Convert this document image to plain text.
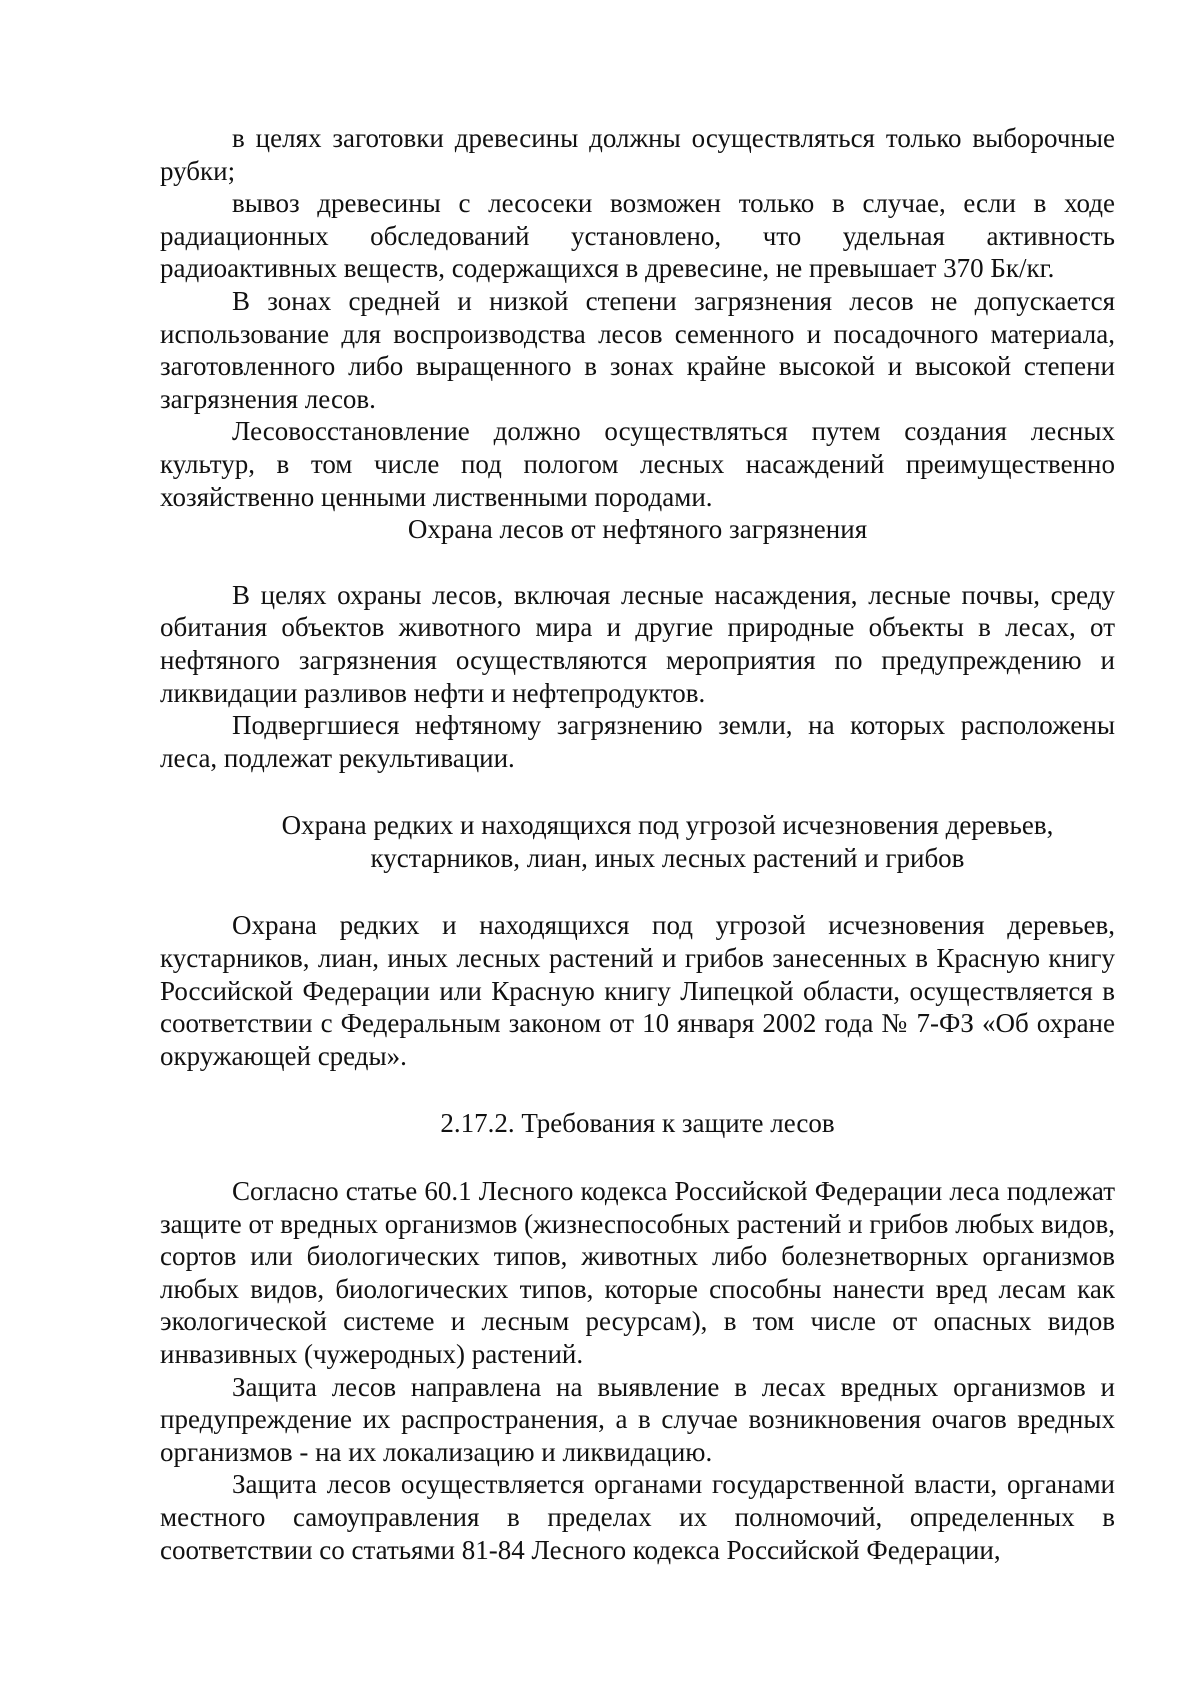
в целях заготовки древесины должны осуществляться только выборочные рубки;

вывоз древесины с лесосеки возможен только в случае, если в ходе радиационных обследований установлено, что удельная активность радиоактивных веществ, содержащихся в древесине, не превышает 370 Бк/кг.

В зонах средней и низкой степени загрязнения лесов не допускается использование для воспроизводства лесов семенного и посадочного материала, заготовленного либо выращенного в зонах крайне высокой и высокой степени загрязнения лесов.

Лесовосстановление должно осуществляться путем создания лесных культур, в том числе под пологом лесных насаждений преимущественно хозяйственно ценными лиственными породами.

Охрана лесов от нефтяного загрязнения

В целях охраны лесов, включая лесные насаждения, лесные почвы, среду обитания объектов животного мира и другие природные объекты в лесах, от нефтяного загрязнения осуществляются мероприятия по предупреждению и ликвидации разливов нефти и нефтепродуктов.

Подвергшиеся нефтяному загрязнению земли, на которых расположены леса, подлежат рекультивации.

Охрана редких и находящихся под угрозой исчезновения деревьев,

кустарников, лиан, иных лесных растений и грибов

Охрана редких и находящихся под угрозой исчезновения деревьев, кустарников, лиан, иных лесных растений и грибов занесенных в Красную книгу Российской Федерации или Красную книгу Липецкой области, осуществляется в соответствии с Федеральным законом от 10 января 2002 года № 7-ФЗ «Об охране окружающей среды».

2.17.2. Требования к защите лесов

Согласно статье 60.1 Лесного кодекса Российской Федерации леса подлежат защите от вредных организмов (жизнеспособных растений и грибов любых видов, сортов или биологических типов, животных либо болезнетворных организмов любых видов, биологических типов, которые способны нанести вред лесам как экологической системе и лесным ресурсам), в том числе от опасных видов инвазивных (чужеродных) растений.

Защита лесов направлена на выявление в лесах вредных организмов и предупреждение их распространения, а в случае возникновения очагов вредных организмов - на их локализацию и ликвидацию.

Защита лесов осуществляется органами государственной власти, органами местного самоуправления в пределах их полномочий, определенных в соответствии со статьями 81-84 Лесного кодекса Российской Федерации,
